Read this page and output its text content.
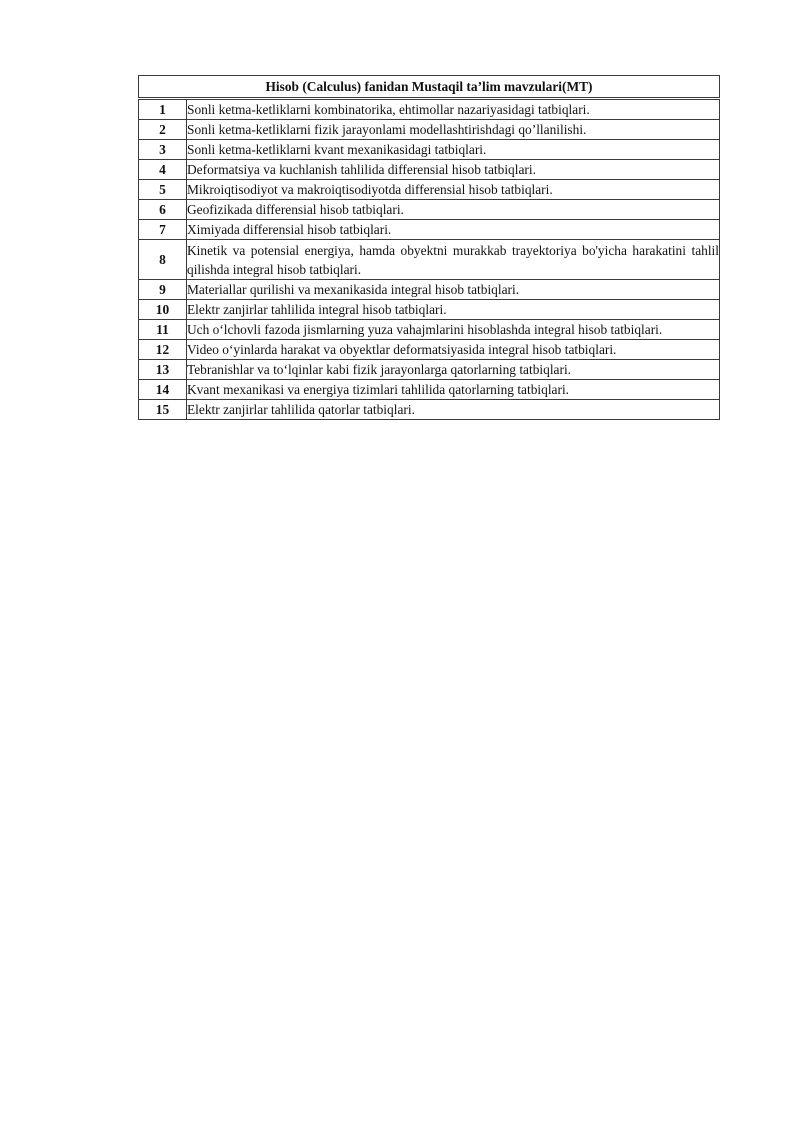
Hisob (Calculus) fanidan Mustaqil ta’lim mavzulari(MT)	
1	Sonli ketma-ketliklarni kombinatorika, ehtimollar nazariyasidagi tatbiqlari.
2	Sonli ketma-ketliklarni fizik jarayonlami modellashtirishdagi qo’llanilishi.
3	Sonli ketma-ketliklarni kvant mexanikasidagi tatbiqlari.
4	Deformatsiya va kuchlanish tahlilida differensial hisob tatbiqlari.
5	Mikroiqtisodiyot va makroiqtisodiyotda differensial hisob tatbiqlari.
6	Geofizikada differensial hisob tatbiqlari.
7	Ximiyada differensial hisob tatbiqlari.
8	Kinetik va potensial energiya, hamda obyektni murakkab trayektoriya bo'yicha harakatini tahlil qilishda integral hisob tatbiqlari.
9	Materiallar qurilishi va mexanikasida integral hisob tatbiqlari.
10	Elektr zanjirlar tahlilida integral hisob tatbiqlari.
11	Uch o‘lchovli fazoda jismlarning yuza vahajmlarini hisoblashda integral hisob tatbiqlari.
12	Video o‘yinlarda harakat va obyektlar deformatsiyasida integral hisob tatbiqlari.
13	Tebranishlar va to‘lqinlar kabi fizik jarayonlarga qatorlarning tatbiqlari.
14	Kvant mexanikasi va energiya tizimlari tahlilida qatorlarning tatbiqlari.
15	Elektr zanjirlar tahlilida qatorlar tatbiqlari.
